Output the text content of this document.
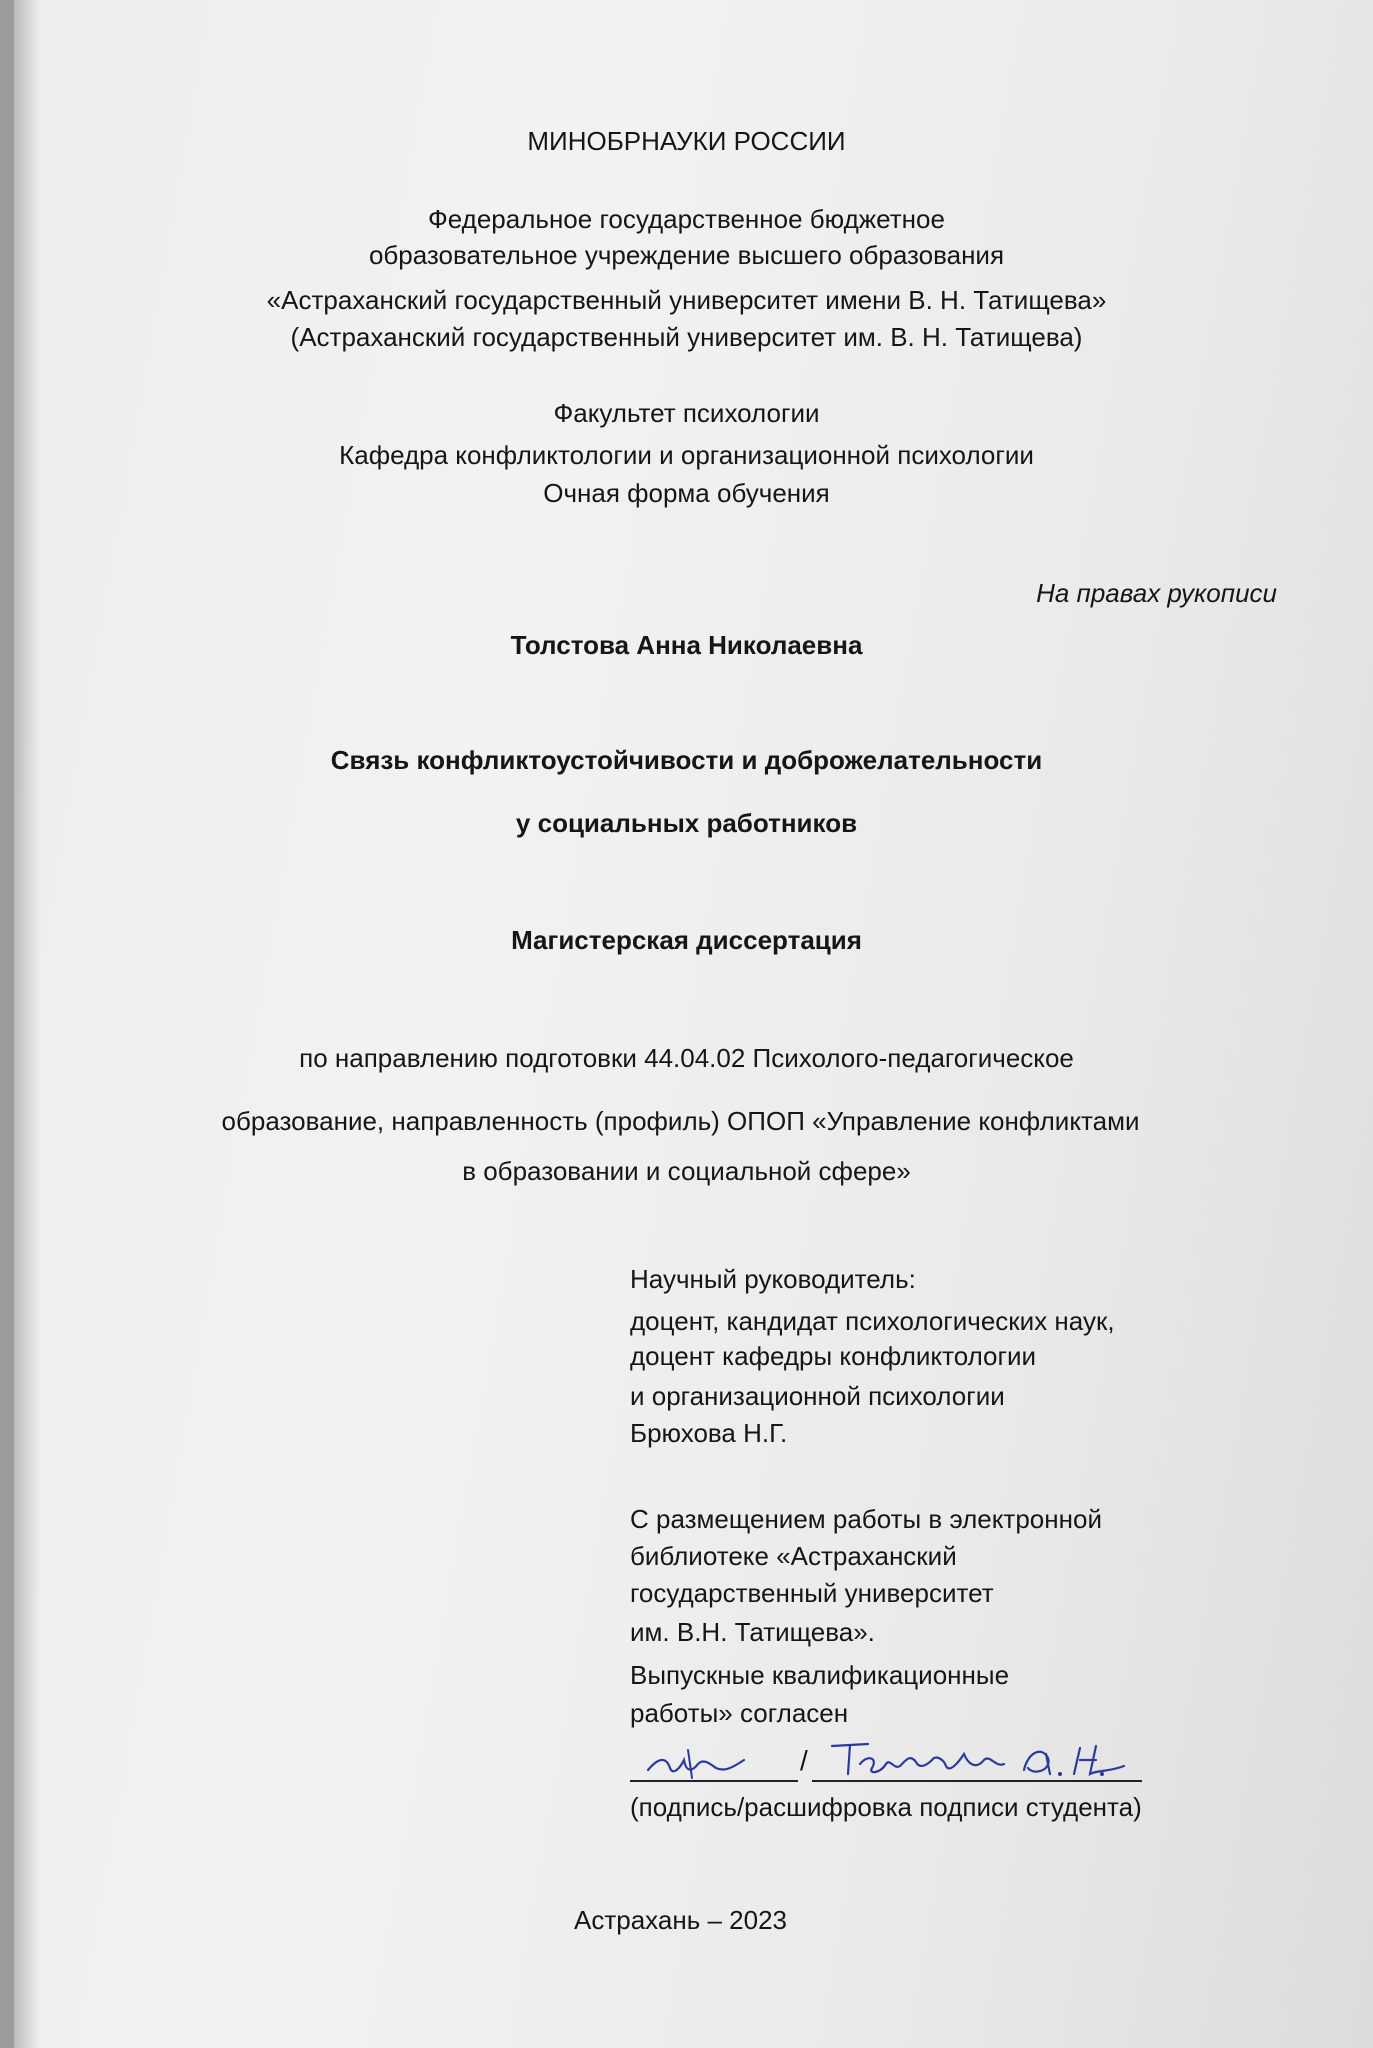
МИНОБРНАУКИ РОССИИ
Федеральное государственное бюджетное
образовательное учреждение высшего образования
«Астраханский государственный университет имени В. Н. Татищева»
(Астраханский государственный университет им. В. Н. Татищева)
Факультет психологии
Кафедра конфликтологии и организационной психологии
Очная форма обучения
На правах рукописи
Толстова Анна Николаевна
Связь конфликтоустойчивости и доброжелательности
у социальных работников
Магистерская диссертация
по направлению подготовки 44.04.02 Психолого-педагогическое
образование, направленность (профиль) ОПОП «Управление конфликтами
в образовании и социальной сфере»
Научный руководитель:
доцент, кандидат психологических наук,
доцент кафедры конфликтологии
и организационной психологии
Брюхова Н.Г.
С размещением работы в электронной
библиотеке «Астраханский
государственный университет
им. В.Н. Татищева».
Выпускные квалификационные
работы» согласен
/
(подпись/расшифровка подписи студента)
Астрахань – 2023
